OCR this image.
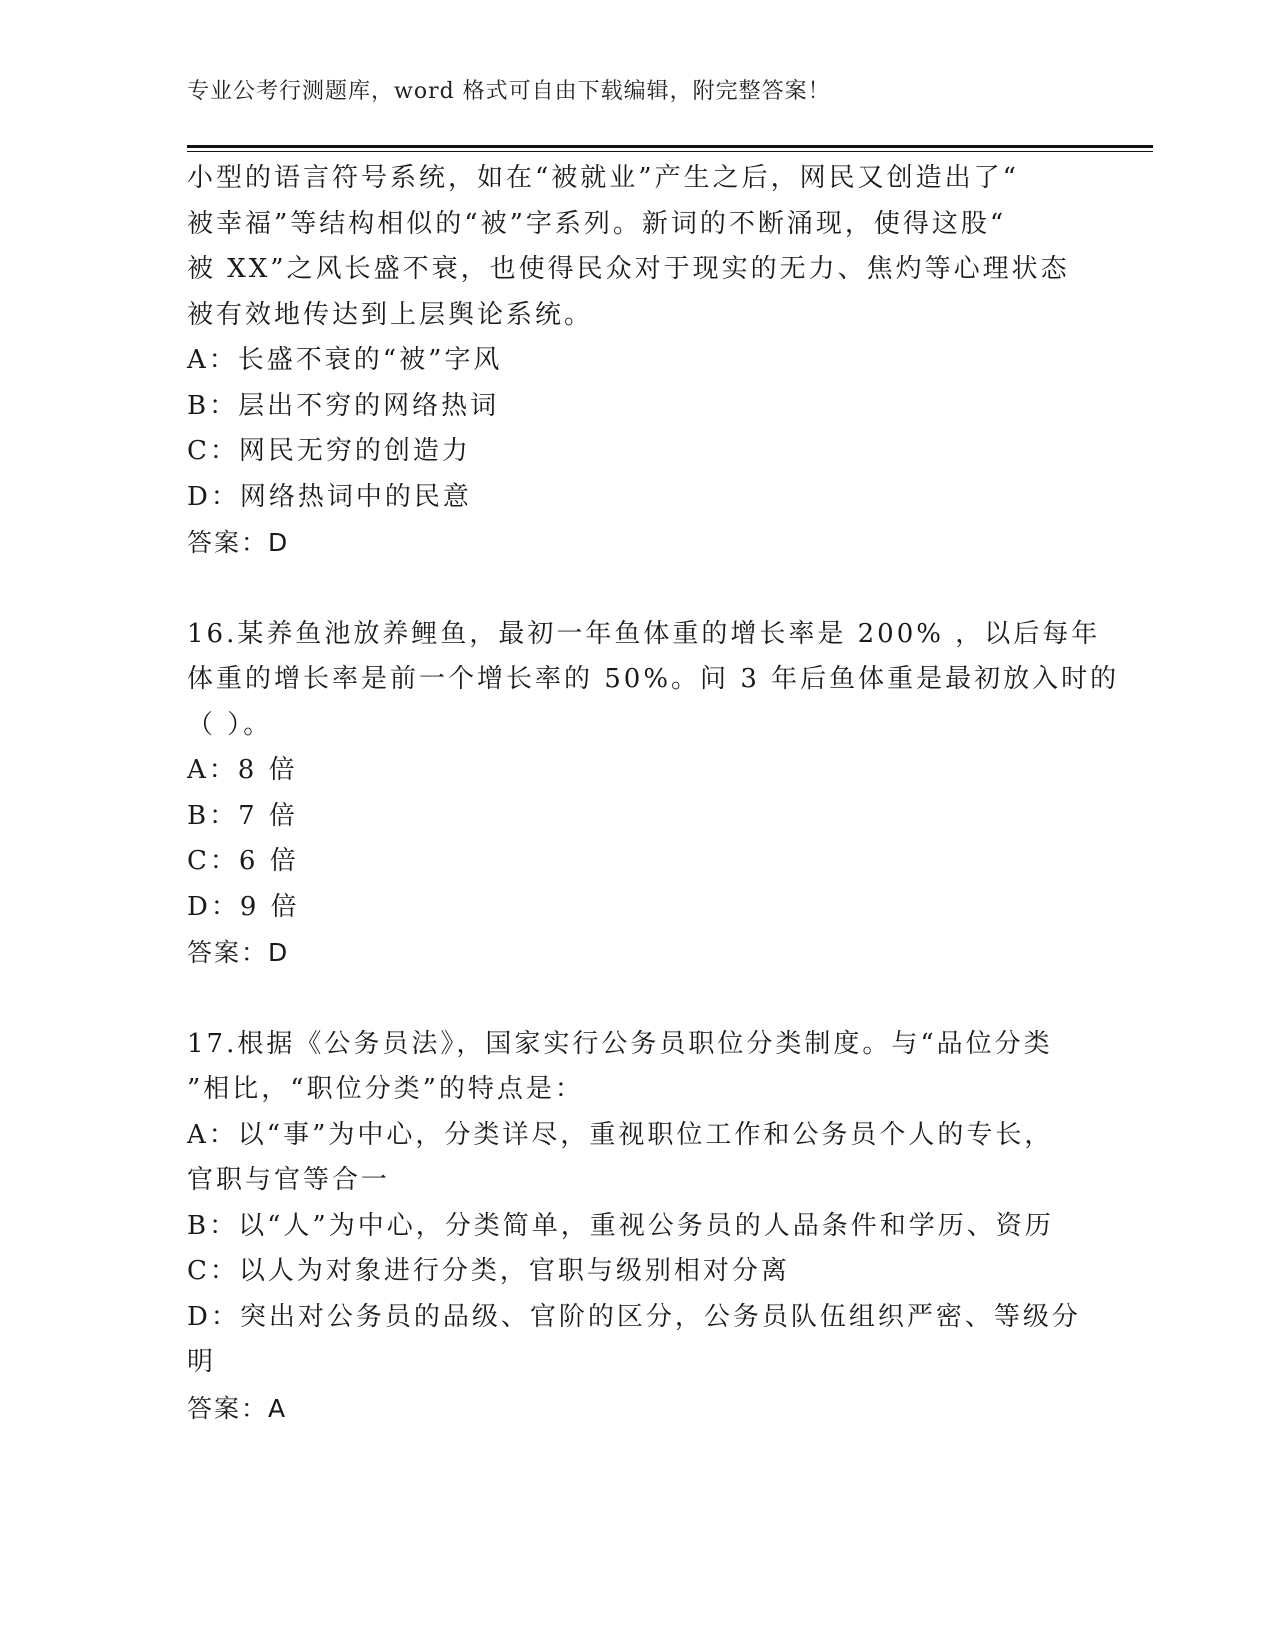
专业公考行测题库，word 格式可自由下载编辑，附完整答案！
小型的语言符号系统，如在“被就业”产生之后，网民又创造出了“
被幸福”等结构相似的“被”字系列。新词的不断涌现，使得这股“
被 XX”之风长盛不衰，也使得民众对于现实的无力、焦灼等心理状态
被有效地传达到上层舆论系统。
A：长盛不衰的“被”字风
B：层出不穷的网络热词
C：网民无穷的创造力
D：网络热词中的民意
答案：D
16.某养鱼池放养鲤鱼，最初一年鱼体重的增长率是 200% ，以后每年
体重的增长率是前一个增长率的 50%。问 3 年后鱼体重是最初放入时的
（ ）。
A：8 倍
B：7 倍
C：6 倍
D：9 倍
答案：D
17.根据《公务员法》，国家实行公务员职位分类制度。与“品位分类
”相比，“职位分类”的特点是：
A：以“事”为中心，分类详尽，重视职位工作和公务员个人的专长，
官职与官等合一
B：以“人”为中心，分类简单，重视公务员的人品条件和学历、资历
C：以人为对象进行分类，官职与级别相对分离
D：突出对公务员的品级、官阶的区分，公务员队伍组织严密、等级分
明
答案：A
